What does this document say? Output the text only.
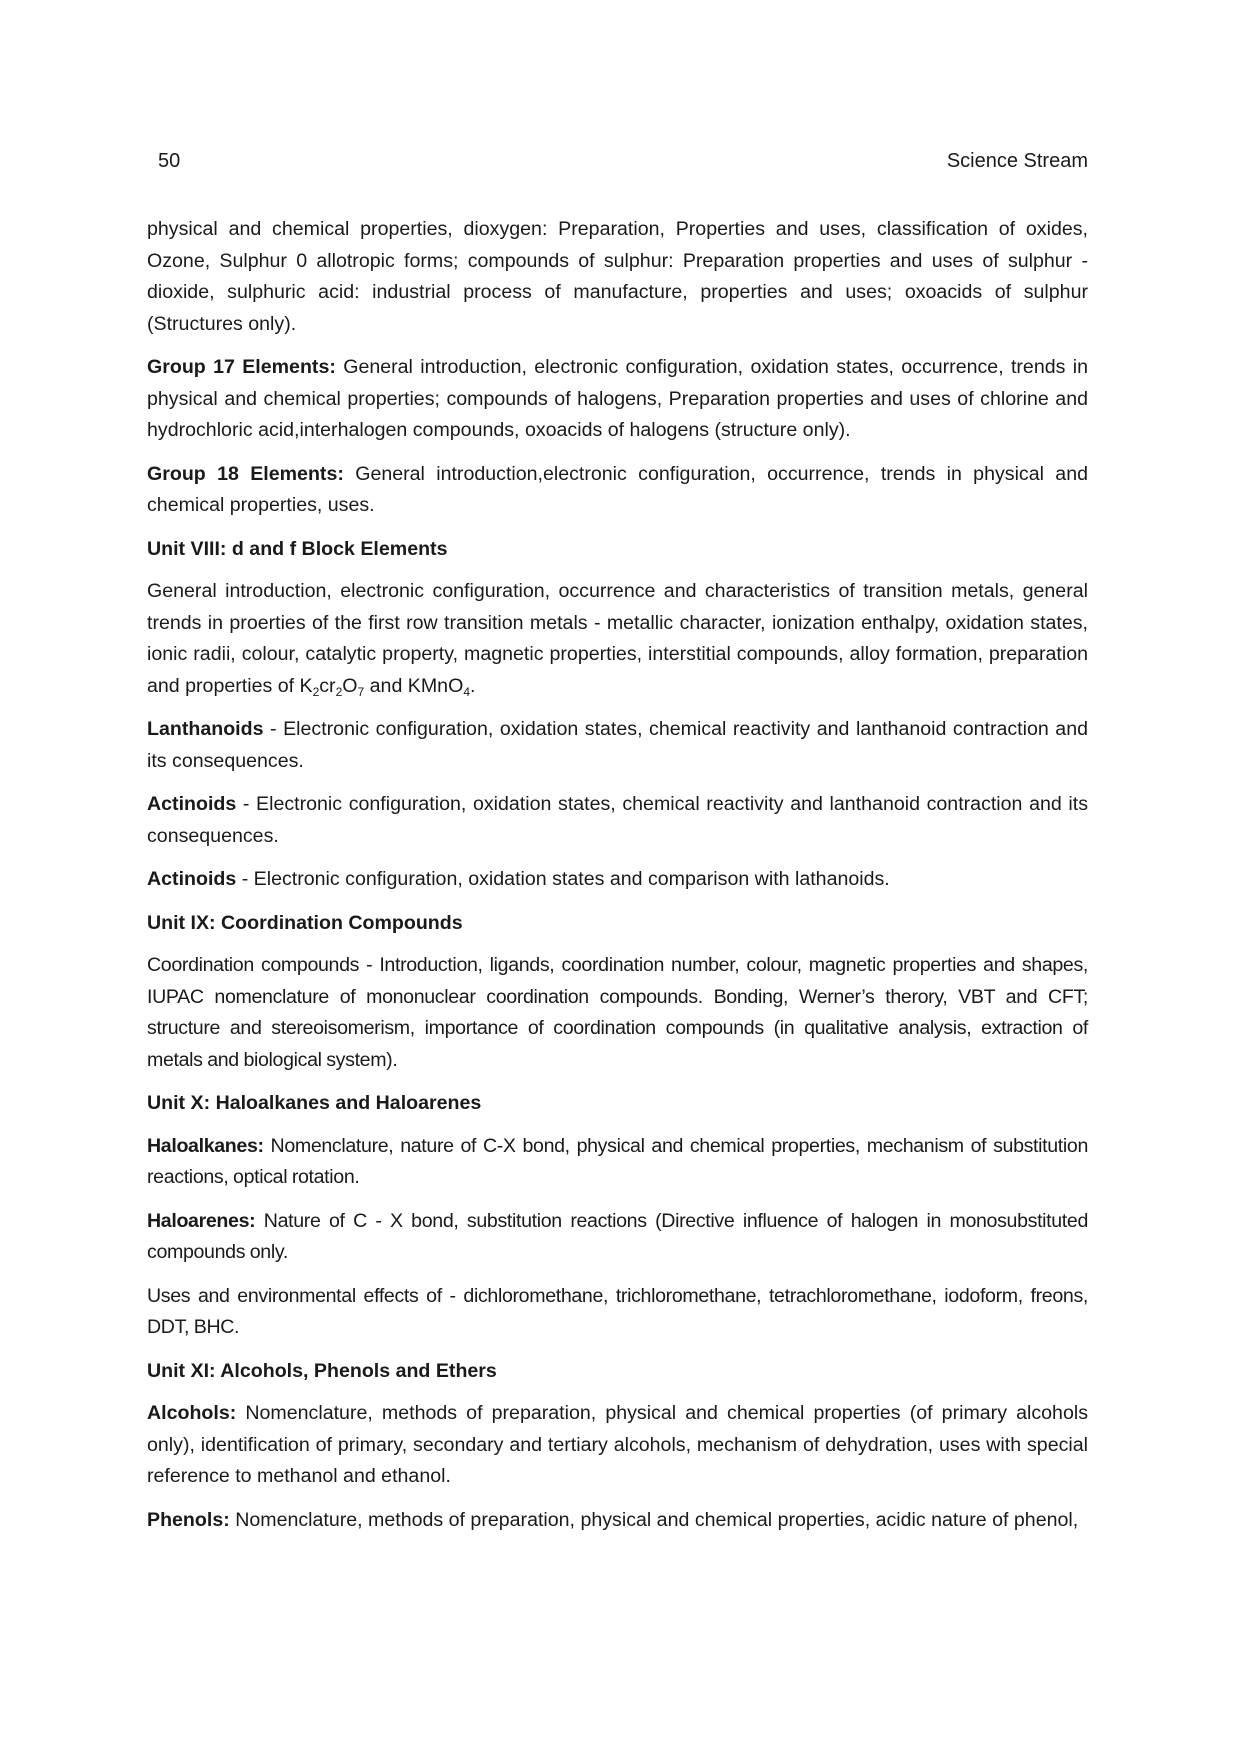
50	Science Stream

physical and chemical properties, dioxygen: Preparation, Properties and uses, classification of oxides, Ozone, Sulphur 0 allotropic forms; compounds of sulphur: Preparation properties and uses of sulphur - dioxide, sulphuric acid: industrial process of manufacture, properties and uses; oxoacids of sulphur (Structures only).

Group 17 Elements: General introduction, electronic configuration, oxidation states, occurrence, trends in physical and chemical properties; compounds of halogens, Preparation properties and uses of chlorine and hydrochloric acid,interhalogen compounds, oxoacids of halogens (structure only).

Group 18 Elements: General introduction,electronic configuration, occurrence, trends in physical and chemical properties, uses.

Unit VIII: d and f Block Elements

General introduction, electronic configuration, occurrence and characteristics of transition metals, general trends in proerties of the first row transition metals - metallic character, ionization enthalpy, oxidation states, ionic radii, colour, catalytic property, magnetic properties, interstitial compounds, alloy formation, preparation and properties of $K_2cr_2O_7$ and KMnO$_4$.

Lanthanoids - Electronic configuration, oxidation states, chemical reactivity and lanthanoid contraction and its consequences.

Actinoids - Electronic configuration, oxidation states, chemical reactivity and lanthanoid contraction and its consequences.

Actinoids - Electronic configuration, oxidation states and comparison with lathanoids.

Unit IX: Coordination Compounds

Coordination compounds - Introduction, ligands, coordination number, colour, magnetic properties and shapes, IUPAC nomenclature of mononuclear coordination compounds. Bonding, Werner’s therory, VBT and CFT; structure and stereoisomerism, importance of coordination compounds (in qualitative analysis, extraction of metals and biological system).

Unit X: Haloalkanes and Haloarenes

Haloalkanes: Nomenclature, nature of C-X bond, physical and chemical properties, mechanism of substitution reactions, optical rotation.

Haloarenes: Nature of C - X bond, substitution reactions (Directive influence of halogen in monosubstituted compounds only.

Uses and environmental effects of - dichloromethane, trichloromethane, tetrachloromethane, iodoform, freons, DDT, BHC.

Unit XI: Alcohols, Phenols and Ethers

Alcohols: Nomenclature, methods of preparation, physical and chemical properties (of primary alcohols only), identification of primary, secondary and tertiary alcohols, mechanism of dehydration, uses with special reference to methanol and ethanol.

Phenols: Nomenclature, methods of preparation, physical and chemical properties, acidic nature of phenol,
